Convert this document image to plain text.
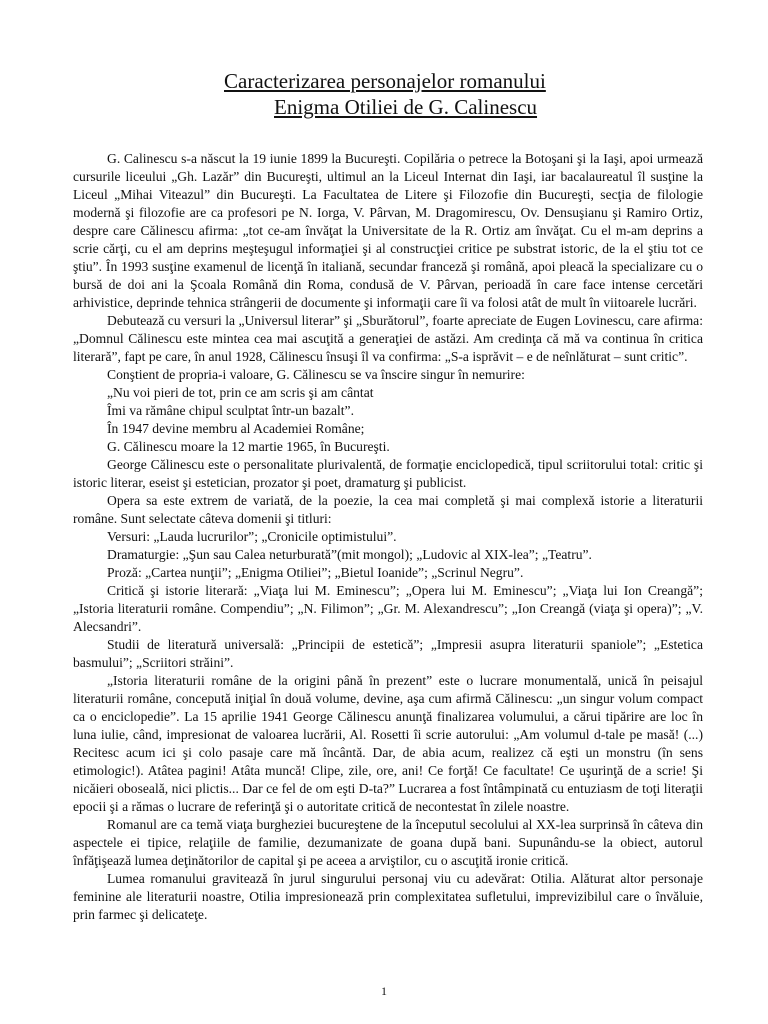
Caracterizarea personajelor romanului
Enigma Otiliei de G. Calinescu

G. Calinescu s-a născut la 19 iunie 1899 la Bucureşti. Copilăria o petrece la Botoşani şi la Iaşi, apoi urmează cursurile liceului „Gh. Lazăr” din Bucureşti, ultimul an la Liceul Internat din Iaşi, iar bacalaureatul îl susţine la Liceul „Mihai Viteazul” din Bucureşti. La Facultatea de Litere şi Filozofie din Bucureşti, secţia de filologie modernă şi filozofie are ca profesori pe N. Iorga, V. Pârvan, M. Dragomirescu, Ov. Densuşianu şi Ramiro Ortiz, despre care Călinescu afirma: „tot ce-am învăţat la Universitate de la R. Ortiz am învăţat. Cu el m-am deprins a scrie cărţi, cu el am deprins meşteşugul informaţiei şi al construcţiei critice pe substrat istoric, de la el ştiu tot ce ştiu”. În 1993 susţine examenul de licenţă în italiană, secundar franceză şi română, apoi pleacă la specializare cu o bursă de doi ani la Şcoala Română din Roma, condusă de V. Pârvan, perioadă în care face intense cercetări arhivistice, deprinde tehnica strângerii de documente şi informaţii care îi va folosi atât de mult în viitoarele lucrări.

Debutează cu versuri la „Universul literar” şi „Sburătorul”, foarte apreciate de Eugen Lovinescu, care afirma: „Domnul Călinescu este mintea cea mai ascuţită a generaţiei de astăzi. Am credinţa că mă va continua în critica literară”, fapt pe care, în anul 1928, Călinescu însuşi îl va confirma: „S-a isprăvit – e de neînlăturat – sunt critic”.

Conştient de propria-i valoare, G. Călinescu se va înscire singur în nemurire:

„Nu voi pieri de tot, prin ce am scris şi am cântat

Îmi va rămâne chipul sculptat într-un bazalt”.

În 1947 devine membru al Academiei Române;

G. Călinescu moare la 12 martie 1965, în Bucureşti.

George Călinescu este o personalitate plurivalentă, de formaţie enciclopedică, tipul scriitorului total: critic şi istoric literar, eseist şi estetician, prozator şi poet, dramaturg şi publicist.

Opera sa este extrem de variată, de la poezie, la cea mai completă şi mai complexă istorie a literaturii române. Sunt selectate câteva domenii şi titluri:

Versuri: „Lauda lucrurilor”; „Cronicile optimistului”.

Dramaturgie: „Şun sau Calea neturburată”(mit mongol); „Ludovic al XIX-lea”; „Teatru”.

Proză: „Cartea nunţii”; „Enigma Otiliei”; „Bietul Ioanide”; „Scrinul Negru”.

Critică şi istorie literară: „Viaţa lui M. Eminescu”; „Opera lui M. Eminescu”; „Viaţa lui Ion Creangă”; „Istoria literaturii române. Compendiu”; „N. Filimon”; „Gr. M. Alexandrescu”; „Ion Creangă (viaţa şi opera)”; „V. Alecsandri”.

Studii de literatură universală: „Principii de estetică”; „Impresii asupra literaturii spaniole”; „Estetica basmului”; „Scriitori străini”.

„Istoria literaturii române de la origini până în prezent” este o lucrare monumentală, unică în peisajul literaturii române, concepută iniţial în două volume, devine, aşa cum afirmă Călinescu: „un singur volum compact ca o enciclopedie”. La 15 aprilie 1941 George Călinescu anunţă finalizarea volumului, a cărui tipărire are loc în luna iulie, când, impresionat de valoarea lucrării, Al. Rosetti îi scrie autorului: „Am volumul d-tale pe masă! (...) Recitesc acum ici şi colo pasaje care mă încântă. Dar, de abia acum, realizez că eşti un monstru (în sens etimologic!). Atâtea pagini! Atâta muncă! Clipe, zile, ore, ani! Ce forţă! Ce facultate! Ce uşurinţă de a scrie! Şi nicăieri oboseală, nici plictis... Dar ce fel de om eşti D-ta?” Lucrarea a fost întâmpinată cu entuziasm de toţi literaţii epocii şi a rămas o lucrare de referinţă şi o autoritate critică de necontestat în zilele noastre.

Romanul are ca temă viaţa burgheziei bucureştene de la începutul secolului al XX-lea surprinsă în câteva din aspectele ei tipice, relaţiile de familie, dezumanizate de goana după bani. Supunându-se la obiect, autorul înfăţişează lumea deţinătorilor de capital şi pe aceea a arviştilor, cu o ascuţită ironie critică.

Lumea romanului gravitează în jurul singurului personaj viu cu adevărat: Otilia. Alăturat altor personaje feminine ale literaturii noastre, Otilia impresionează prin complexitatea sufletului, imprevizibilul care o învăluie, prin farmec şi delicateţe.

1
